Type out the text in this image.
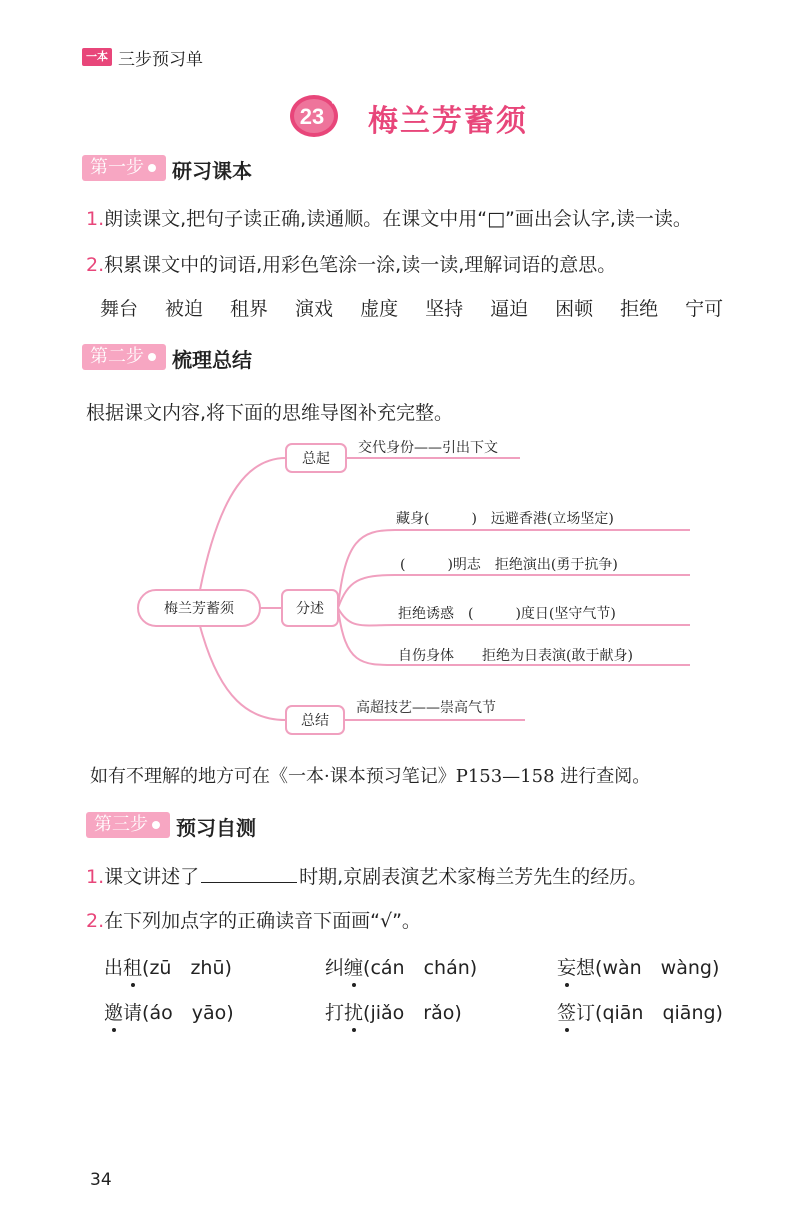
一本 三步预习单
23
*
梅兰芳蓄须
第一步	研习课本
1.朗读课文,把句子读正确,读通顺。在课文中用“□”画出会认字,读一读。
2.积累课文中的词语,用彩色笔涂一涂,读一读,理解词语的意思。
舞台 被迫 租界 演戏 虚度 坚持 逼迫 困顿 拒绝 宁可
第二步	梳理总结
根据课文内容,将下面的思维导图补充完整。
梅兰芳蓄须
总起
交代身份——引出下文
分述
藏身(　　　)　远避香港(立场坚定)
(　　　)明志　拒绝演出(勇于抗争)
拒绝诱惑　(　　　)度日(坚守气节)
自伤身体　　拒绝为日表演(敢于献身)
总结
高超技艺——崇高气节
如有不理解的地方可在《一本·课本预习笔记》P153—158 进行查阅。
第三步	预习自测
1.课文讲述了	时期,京剧表演艺术家梅兰芳先生的经历。
2.在下列加点字的正确读音下面画“√”。
出租(zū　zhū)	纠缠(cán　chán)	妄想(wàn　wàng)
邀请(áo　yāo)	打扰(jiǎo　rǎo)	签订(qiān　qiāng)
34
